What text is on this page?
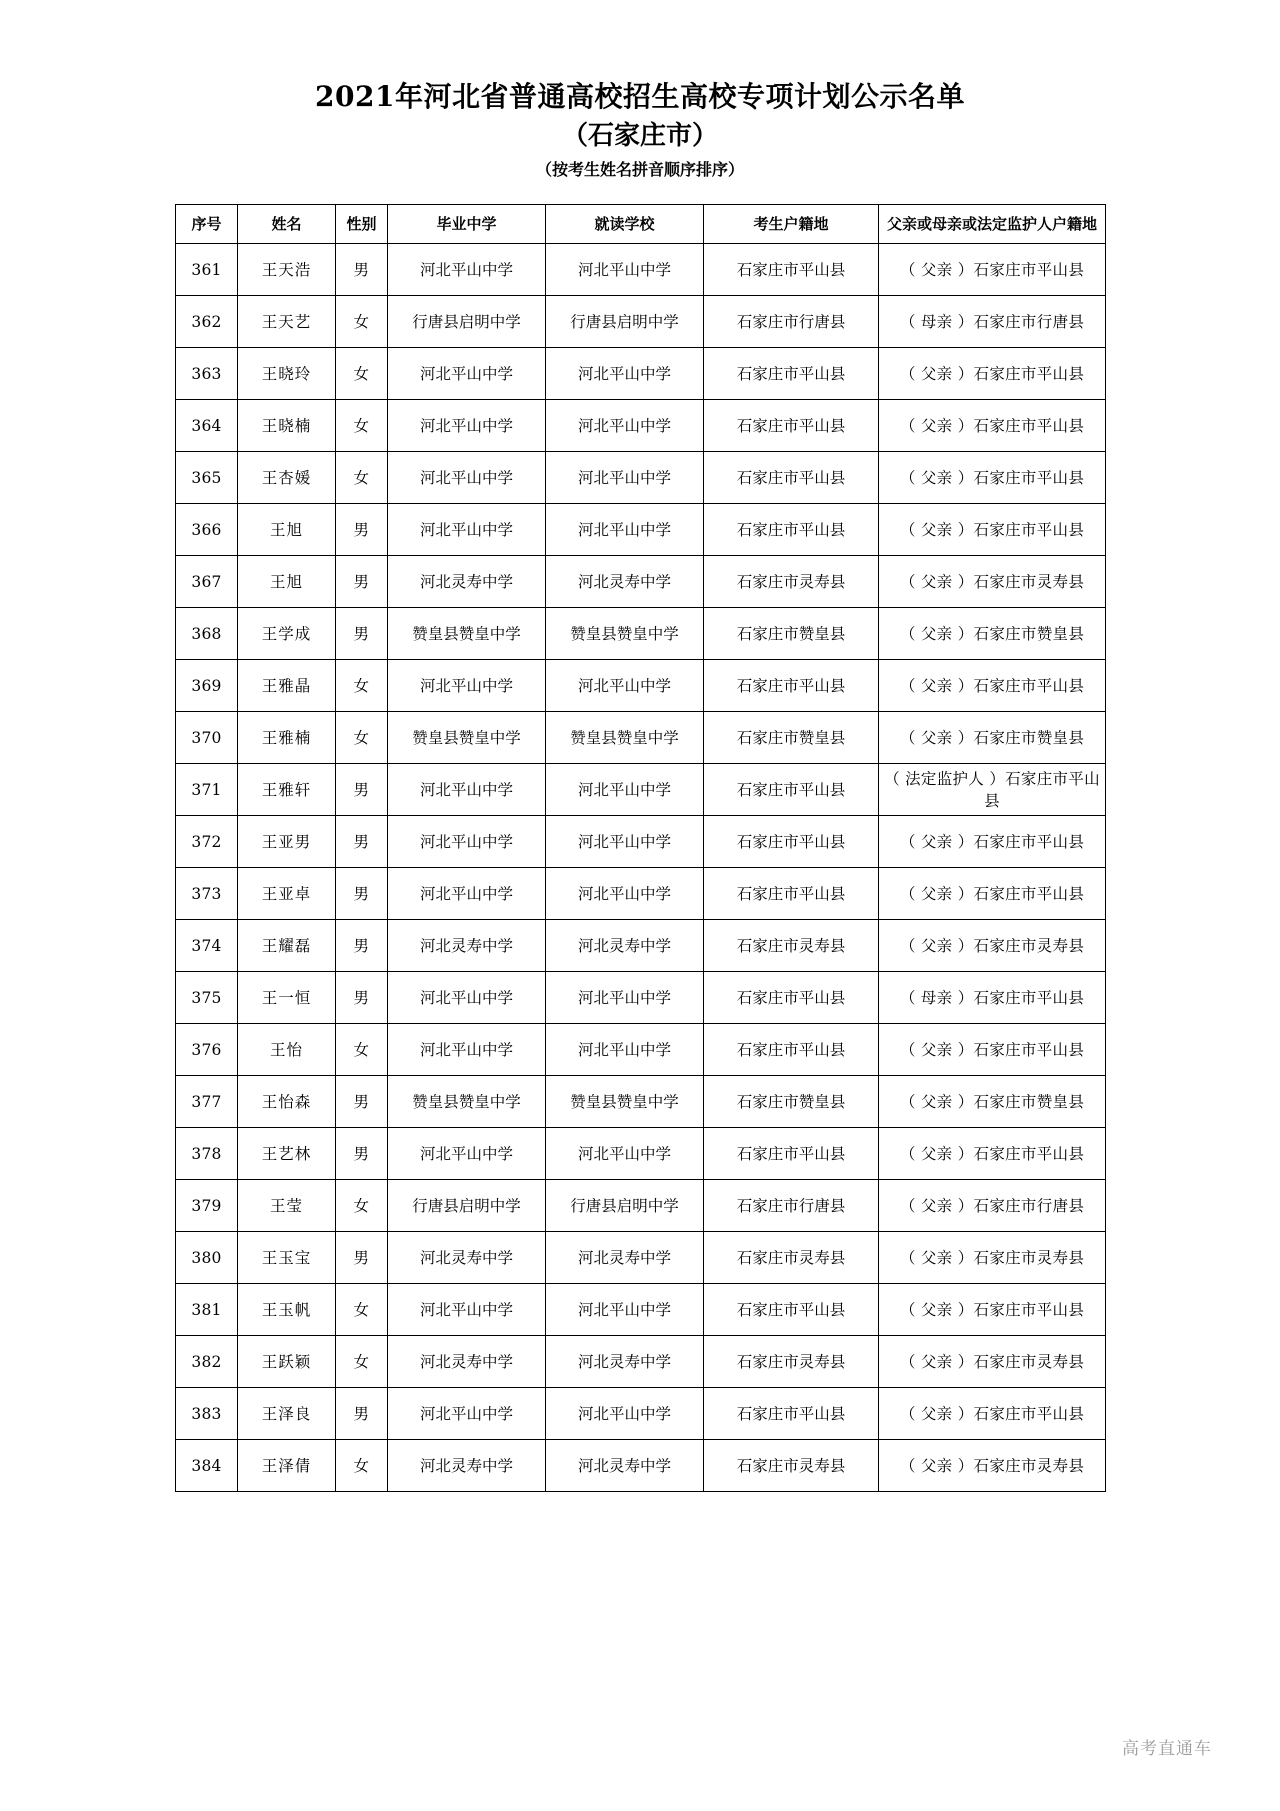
2021年河北省普通高校招生高校专项计划公示名单
（石家庄市）
（按考生姓名拼音顺序排序）
序号	姓名	性别	毕业中学	就读学校	考生户籍地	父亲或母亲或法定监护人户籍地
361	王天浩	男	河北平山中学	河北平山中学	石家庄市平山县	（ 父亲 ）石家庄市平山县
362	王天艺	女	行唐县启明中学	行唐县启明中学	石家庄市行唐县	（ 母亲 ）石家庄市行唐县
363	王晓玲	女	河北平山中学	河北平山中学	石家庄市平山县	（ 父亲 ）石家庄市平山县
364	王晓楠	女	河北平山中学	河北平山中学	石家庄市平山县	（ 父亲 ）石家庄市平山县
365	王杏媛	女	河北平山中学	河北平山中学	石家庄市平山县	（ 父亲 ）石家庄市平山县
366	王旭	男	河北平山中学	河北平山中学	石家庄市平山县	（ 父亲 ）石家庄市平山县
367	王旭	男	河北灵寿中学	河北灵寿中学	石家庄市灵寿县	（ 父亲 ）石家庄市灵寿县
368	王学成	男	赞皇县赞皇中学	赞皇县赞皇中学	石家庄市赞皇县	（ 父亲 ）石家庄市赞皇县
369	王雅晶	女	河北平山中学	河北平山中学	石家庄市平山县	（ 父亲 ）石家庄市平山县
370	王雅楠	女	赞皇县赞皇中学	赞皇县赞皇中学	石家庄市赞皇县	（ 父亲 ）石家庄市赞皇县
371	王雅轩	男	河北平山中学	河北平山中学	石家庄市平山县	（ 法定监护人 ）石家庄市平山县
372	王亚男	男	河北平山中学	河北平山中学	石家庄市平山县	（ 父亲 ）石家庄市平山县
373	王亚卓	男	河北平山中学	河北平山中学	石家庄市平山县	（ 父亲 ）石家庄市平山县
374	王耀磊	男	河北灵寿中学	河北灵寿中学	石家庄市灵寿县	（ 父亲 ）石家庄市灵寿县
375	王一恒	男	河北平山中学	河北平山中学	石家庄市平山县	（ 母亲 ）石家庄市平山县
376	王怡	女	河北平山中学	河北平山中学	石家庄市平山县	（ 父亲 ）石家庄市平山县
377	王怡森	男	赞皇县赞皇中学	赞皇县赞皇中学	石家庄市赞皇县	（ 父亲 ）石家庄市赞皇县
378	王艺林	男	河北平山中学	河北平山中学	石家庄市平山县	（ 父亲 ）石家庄市平山县
379	王莹	女	行唐县启明中学	行唐县启明中学	石家庄市行唐县	（ 父亲 ）石家庄市行唐县
380	王玉宝	男	河北灵寿中学	河北灵寿中学	石家庄市灵寿县	（ 父亲 ）石家庄市灵寿县
381	王玉帆	女	河北平山中学	河北平山中学	石家庄市平山县	（ 父亲 ）石家庄市平山县
382	王跃颖	女	河北灵寿中学	河北灵寿中学	石家庄市灵寿县	（ 父亲 ）石家庄市灵寿县
383	王泽良	男	河北平山中学	河北平山中学	石家庄市平山县	（ 父亲 ）石家庄市平山县
384	王泽倩	女	河北灵寿中学	河北灵寿中学	石家庄市灵寿县	（ 父亲 ）石家庄市灵寿县
高考直通车
